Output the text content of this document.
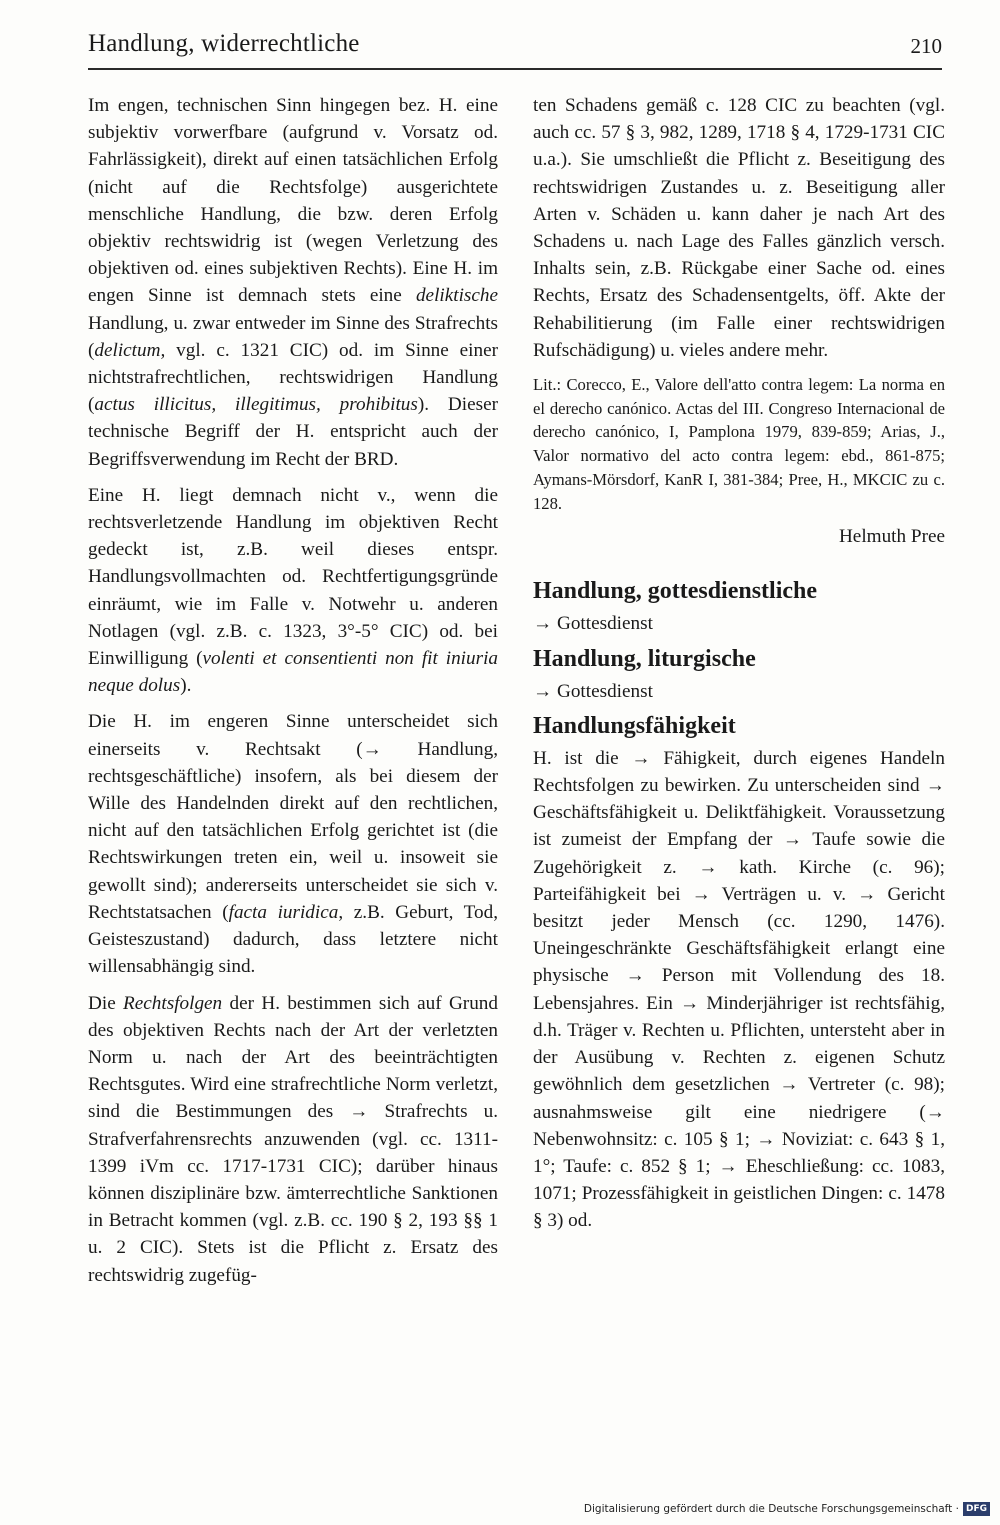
Handlung, widerrechtliche	210

Im engen, technischen Sinn hingegen bez. H. eine subjektiv vorwerfbare (aufgrund v. Vorsatz od. Fahrlässigkeit), direkt auf einen tatsächlichen Erfolg (nicht auf die Rechtsfolge) ausgerichtete menschliche Handlung, die bzw. deren Erfolg objektiv rechtswidrig ist (wegen Verletzung des objektiven od. eines subjektiven Rechts). Eine H. im engen Sinne ist demnach stets eine deliktische Handlung, u. zwar entweder im Sinne des Strafrechts (delictum, vgl. c. 1321 CIC) od. im Sinne einer nichtstrafrechtlichen, rechtswidrigen Handlung (actus illicitus, illegitimus, prohibitus). Dieser technische Begriff der H. entspricht auch der Begriffsverwendung im Recht der BRD.

Eine H. liegt demnach nicht v., wenn die rechtsverletzende Handlung im objektiven Recht gedeckt ist, z.B. weil dieses entspr. Handlungsvollmachten od. Rechtfertigungsgründe einräumt, wie im Falle v. Notwehr u. anderen Notlagen (vgl. z.B. c. 1323, 3°-5° CIC) od. bei Einwilligung (volenti et consentienti non fit iniuria neque dolus).

Die H. im engeren Sinne unterscheidet sich einerseits v. Rechtsakt (→ Handlung, rechtsgeschäftliche) insofern, als bei diesem der Wille des Handelnden direkt auf den rechtlichen, nicht auf den tatsächlichen Erfolg gerichtet ist (die Rechtswirkungen treten ein, weil u. insoweit sie gewollt sind); andererseits unterscheidet sie sich v. Rechtstatsachen (facta iuridica, z.B. Geburt, Tod, Geisteszustand) dadurch, dass letztere nicht willensabhängig sind.

Die Rechtsfolgen der H. bestimmen sich auf Grund des objektiven Rechts nach der Art der verletzten Norm u. nach der Art des beeinträchtigten Rechtsgutes. Wird eine strafrechtliche Norm verletzt, sind die Bestimmungen des → Strafrechts u. Strafverfahrensrechts anzuwenden (vgl. cc. 1311-1399 iVm cc. 1717-1731 CIC); darüber hinaus können disziplinäre bzw. ämterrechtliche Sanktionen in Betracht kommen (vgl. z.B. cc. 190 § 2, 193 §§ 1 u. 2 CIC). Stets ist die Pflicht z. Ersatz des rechtswidrig zugefüg-

ten Schadens gemäß c. 128 CIC zu beachten (vgl. auch cc. 57 § 3, 982, 1289, 1718 § 4, 1729-1731 CIC u.a.). Sie umschließt die Pflicht z. Beseitigung des rechtswidrigen Zustandes u. z. Beseitigung aller Arten v. Schäden u. kann daher je nach Art des Schadens u. nach Lage des Falles gänzlich versch. Inhalts sein, z.B. Rückgabe einer Sache od. eines Rechts, Ersatz des Schadensentgelts, öff. Akte der Rehabilitierung (im Falle einer rechtswidrigen Rufschädigung) u. vieles andere mehr.

Lit.: Corecco, E., Valore dell'atto contra legem: La norma en el derecho canónico. Actas del III. Congreso Internacional de derecho canónico, I, Pamplona 1979, 839-859; Arias, J., Valor normativo del acto contra legem: ebd., 861-875; Aymans-Mörsdorf, KanR I, 381-384; Pree, H., MKCIC zu c. 128.
Helmuth Pree
Handlung, gottesdienstliche

→ Gottesdienst

Handlung, liturgische

→ Gottesdienst

Handlungsfähigkeit

H. ist die → Fähigkeit, durch eigenes Handeln Rechtsfolgen zu bewirken. Zu unterscheiden sind → Geschäftsfähigkeit u. Deliktfähigkeit. Voraussetzung ist zumeist der Empfang der → Taufe sowie die Zugehörigkeit z. → kath. Kirche (c. 96); Parteifähigkeit bei → Verträgen u. v. → Gericht besitzt jeder Mensch (cc. 1290, 1476). Uneingeschränkte Geschäftsfähigkeit erlangt eine physische → Person mit Vollendung des 18. Lebensjahres. Ein → Minderjähriger ist rechtsfähig, d.h. Träger v. Rechten u. Pflichten, untersteht aber in der Ausübung v. Rechten z. eigenen Schutz gewöhnlich dem gesetzlichen → Vertreter (c. 98); ausnahmsweise gilt eine niedrigere (→ Nebenwohnsitz: c. 105 § 1; → Noviziat: c. 643 § 1, 1°; Taufe: c. 852 § 1; → Eheschließung: cc. 1083, 1071; Prozessfähigkeit in geistlichen Dingen: c. 1478 § 3) od.

Digitalisierung gefördert durch die Deutsche Forschungsgemeinschaft · DFG
